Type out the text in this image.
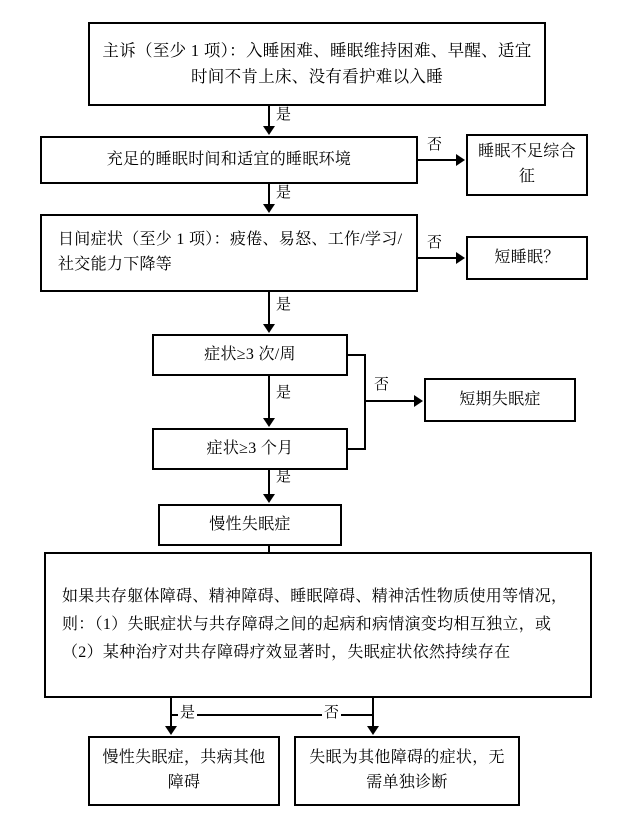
主诉（至少 1 项）：入睡困难、睡眠维持困难、早醒、适宜时间不肯上床、没有看护难以入睡
是
充足的睡眠时间和适宜的睡眠环境
否	睡眠不足综合征
是
日间症状（至少 1 项）：疲倦、易怒、工作/学习/社交能力下降等
否
短睡眠？
是
症状≥3 次/周
是
症状≥3 个月
否
短期失眠症
是
慢性失眠症
如果共存躯体障碍、精神障碍、睡眠障碍、精神活性物质使用等情况，则：（1）失眠症状与共存障碍之间的起病和病情演变均相互独立，或（2）某种治疗对共存障碍疗效显著时，失眠症状依然持续存在
是	否
慢性失眠症，共病其他障碍
失眠为其他障碍的症状，无需单独诊断
